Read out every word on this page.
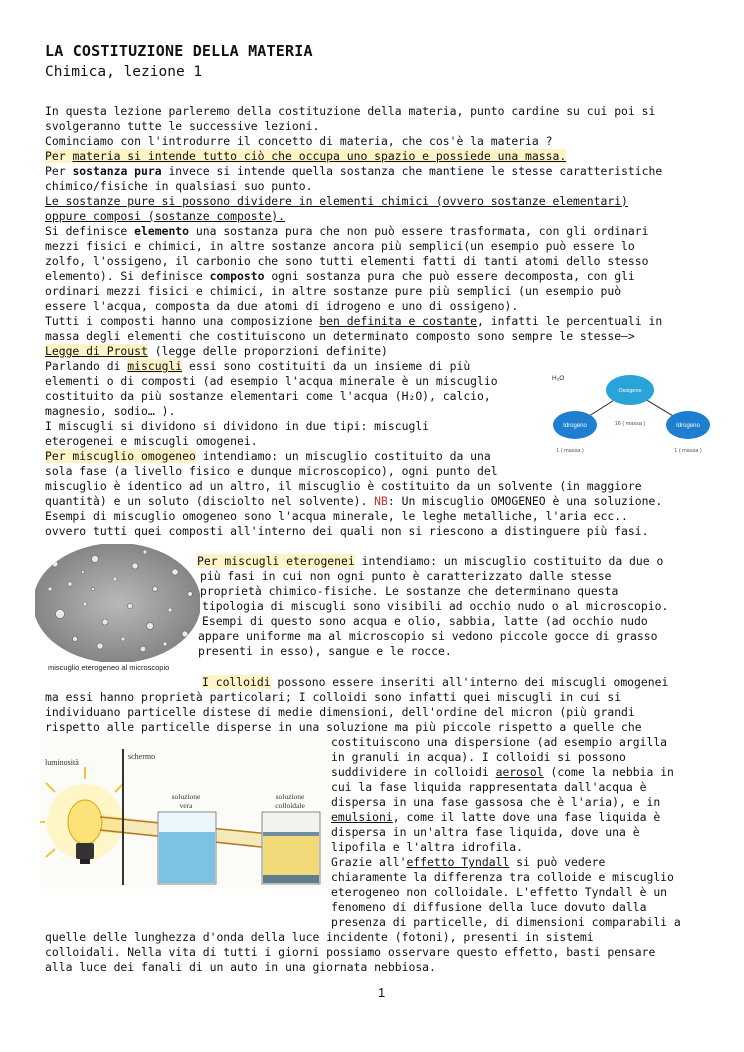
LA COSTITUZIONE DELLA MATERIA
Chimica, lezione 1
In questa lezione parleremo della costituzione della materia, punto cardine su cui poi si
svolgeranno tutte le successive lezioni.
Cominciamo con l'introdurre il concetto di materia, che cos'è la materia ?
Per materia si intende tutto ciò che occupa uno spazio e possiede una massa.
Per sostanza pura invece si intende quella sostanza che mantiene le stesse caratteristiche
chimico/fisiche in qualsiasi suo punto.
Le sostanze pure si possono dividere in elementi chimici (ovvero sostanze elementari)
oppure composi (sostanze composte).
Si definisce elemento una sostanza pura che non può essere trasformata, con gli ordinari
mezzi fisici e chimici, in altre sostanze ancora più semplici(un esempio può essere lo
zolfo, l'ossigeno, il carbonio che sono tutti elementi fatti di tanti atomi dello stesso
elemento). Si definisce composto ogni sostanza pura che può essere decomposta, con gli
ordinari mezzi fisici e chimici, in altre sostanze pure più semplici (un esempio può
essere l'acqua, composta da due atomi di idrogeno e uno di ossigeno).
Tutti i composti hanno una composizione ben definita e costante, infatti le percentuali in
massa degli elementi che costituiscono un determinato composto sono sempre le stesse—>
Legge di Proust (legge delle proporzioni definite)
Parlando di miscugli essi sono costituiti da un insieme di più
elementi o di composti (ad esempio l'acqua minerale è un miscuglio
costituito da più sostanze elementari come l'acqua (H₂O), calcio,
magnesio, sodio… ).
I miscugli si dividono si dividono in due tipi: miscugli
eterogenei e miscugli omogenei.
Per miscuglio omogeneo intendiamo: un miscuglio costituito da una
sola fase (a livello fisico e dunque microscopico), ogni punto del
miscuglio è identico ad un altro, il miscuglio è costituito da un solvente (in maggiore
quantità) e un soluto (disciolto nel solvente). NB: Un miscuglio OMOGENEO è una soluzione.
Esempi di miscuglio omogeneo sono l'acqua minerale, le leghe metalliche, l'aria ecc..
ovvero tutti quei composti all'interno dei quali non si riescono a distinguere più fasi.
H₂O
Ossigeno
Idrogeno	Idrogeno
16 ( massa )
1 ( massa )	1 ( massa )
miscuglio eterogeneo al microscopio
Per miscugli eterogenei intendiamo: un miscuglio costituito da due o
più fasi in cui non ogni punto è caratterizzato dalle stesse
proprietà chimico-fisiche. Le sostanze che determinano questa
tipologia di miscugli sono visibili ad occhio nudo o al microscopio.
Esempi di questo sono acqua e olio, sabbia, latte (ad occhio nudo
appare uniforme ma al microscopio si vedono piccole gocce di grasso
presenti in esso), sangue e le rocce.
I colloidi possono essere inseriti all'interno dei miscugli omogenei
ma essi hanno proprietà particolari; I colloidi sono infatti quei miscugli in cui si
individuano particelle distese di medie dimensioni, dell'ordine del micron (più grandi
rispetto alle particelle disperse in una soluzione ma più piccole rispetto a quelle che
luminosità
schermo
soluzione
vera
soluzione
colloidale
costituiscono una dispersione (ad esempio argilla
in granuli in acqua). I colloidi si possono
suddividere in colloidi aerosol (come la nebbia in
cui la fase liquida rappresentata dall'acqua è
dispersa in una fase gassosa che è l'aria), e in
emulsioni, come il latte dove una fase liquida è
dispersa in un'altra fase liquida, dove una è
lipofila e l'altra idrofila.
Grazie all'effetto Tyndall si può vedere
chiaramente la differenza tra colloide e miscuglio
eterogeneo non colloidale. L'effetto Tyndall è un
fenomeno di diffusione della luce dovuto dalla
presenza di particelle, di dimensioni comparabili a
quelle delle lunghezza d'onda della luce incidente (fotoni), presenti in sistemi
colloidali. Nella vita di tutti i giorni possiamo osservare questo effetto, basti pensare
alla luce dei fanali di un auto in una giornata nebbiosa.
1
